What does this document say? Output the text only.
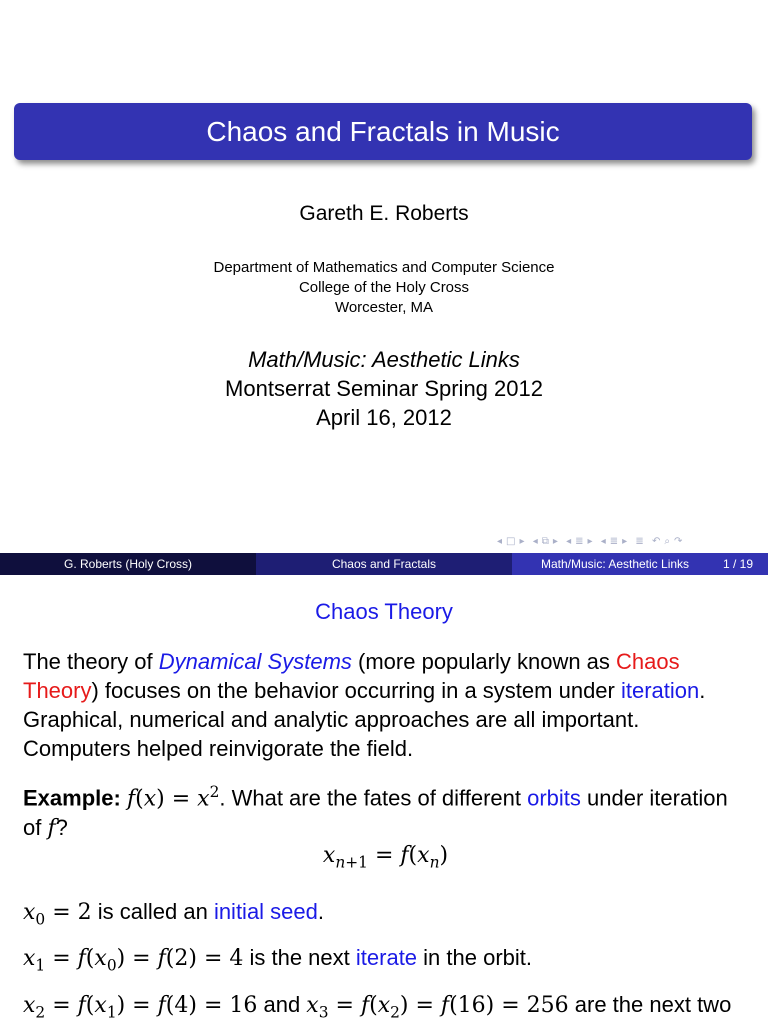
Chaos and Fractals in Music
Gareth E. Roberts
Department of Mathematics and Computer Science
College of the Holy Cross
Worcester, MA
Math/Music: Aesthetic Links
Montserrat Seminar Spring 2012
April 16, 2012
◂ □ ▸ ◂ ⧉ ▸ ◂ ≣ ▸ ◂ ≣ ▸ ≣ ↶ ⌕ ↷
G. Roberts (Holy Cross)	Chaos and Fractals	Math/Music: Aesthetic Links	1 / 19
Chaos Theory
The theory of Dynamical Systems (more popularly known as Chaos Theory) focuses on the behavior occurring in a system under iteration. Graphical, numerical and analytic approaches are all important. Computers helped reinvigorate the field.
Example: $f(x) = x^2$. What are the fates of different orbits under iteration of f?
$x_{n+1} = f(x_n)$
$x_0 = 2$ is called an initial seed.
$x_1 = f(x_0) = f(2) = 4$ is the next iterate in the orbit.
$x_2 = f(x_1) = f(4) = 16$ and $x_3 = f(x_2) = f(16) = 256$ are the next two
